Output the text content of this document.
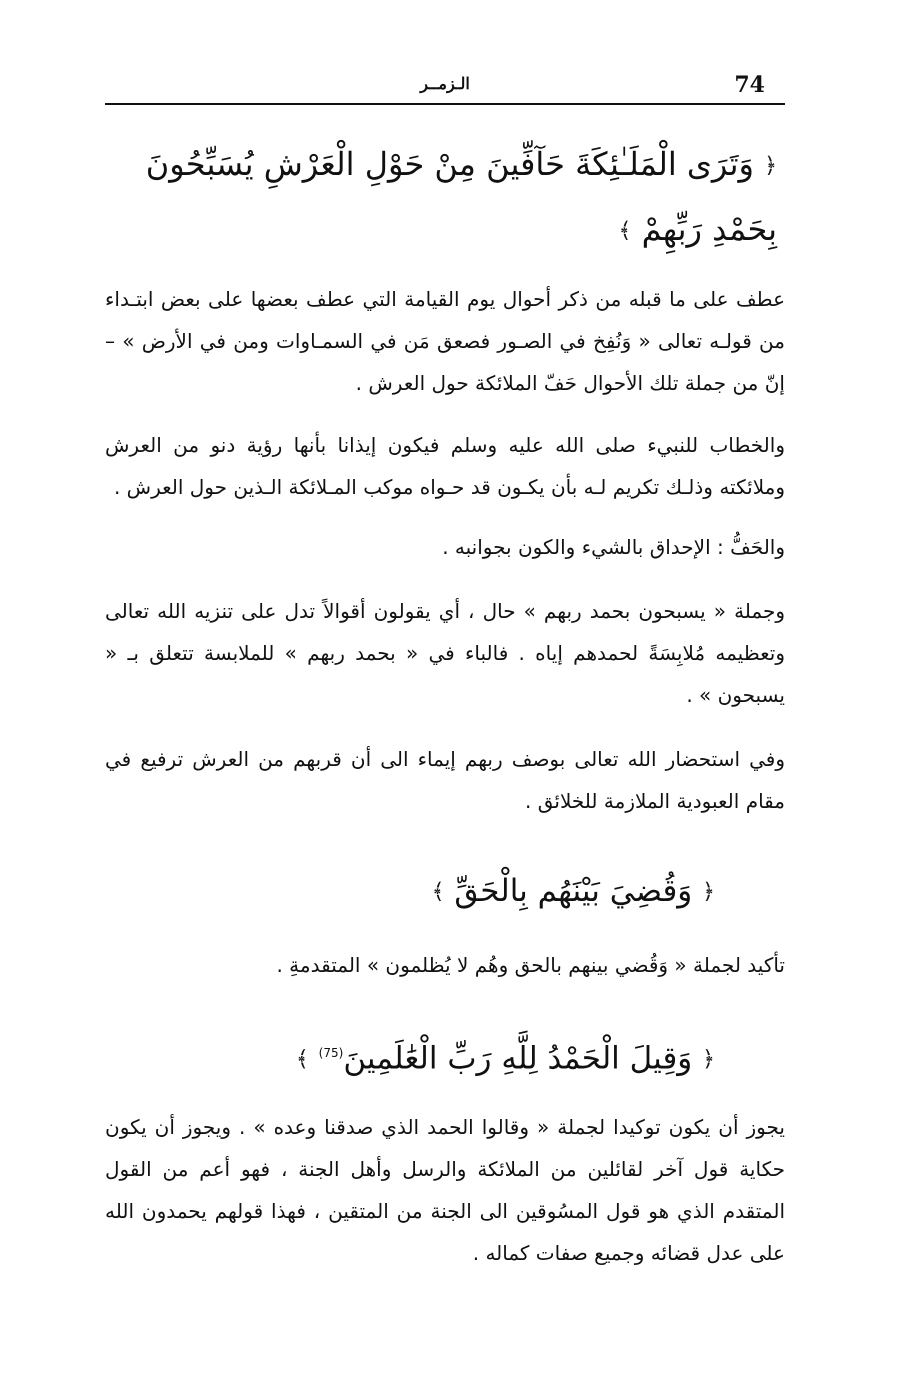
74
الـزمــر
﴿ وَتَرَى الْمَلَـٰئِكَةَ حَآفِّينَ مِنْ حَوْلِ الْعَرْشِ يُسَبِّحُونَ بِحَمْدِ رَبِّهِمْ ﴾

عطف على ما قبله من ذكر أحوال يوم القيامة التي عطف بعضها على بعض ابتـداء من قولـه تعالى « وَنُفِخ في الصـور فصعق مَن في السمـاوات ومن في الأرض » – إنّ من جملة تلك الأحوال حَفّ الملائكة حول العرش .

والخطاب للنبيء صلى الله عليه وسلم فيكون إيذانا بأنها رؤية دنو من العرش وملائكته وذلـك تكريم لـه بأن يكـون قد حـواه موكب المـلائكة الـذين حول العرش .

والحَفُّ : الإحداق بالشيء والكون بجوانبه .

وجملة « يسبحون بحمد ربهم » حال ، أي يقولون أقوالاً تدل على تنزيه الله تعالى وتعظيمه مُلابِسَةً لحمدهم إياه . فالباء في « بحمد ربهم » للملابسة تتعلق بـ « يسبحون » .

وفي استحضار الله تعالى بوصف ربهم إيماء الى أن قربهم من العرش ترفيع في مقام العبودية الملازمة للخلائق .

﴿ وَقُضِيَ بَيْنَهُم بِالْحَقِّ ﴾

تأكيد لجملة « وَقُضي بينهم بالحق وهُم لا يُظلمون » المتقدمةِ .

﴿ وَقِيلَ الْحَمْدُ لِلَّهِ رَبِّ الْعَٰلَمِينَ$^{(75)}$ ﴾

يجوز أن يكون توكيدا لجملة « وقالوا الحمد الذي صدقنا وعده » . ويجوز أن يكون حكاية قول آخر لقائلين من الملائكة والرسل وأهل الجنة ، فهو أعم من القول المتقدم الذي هو قول المسُوقين الى الجنة من المتقين ، فهذا قولهم يحمدون الله على عدل قضائه وجميع صفات كماله .
